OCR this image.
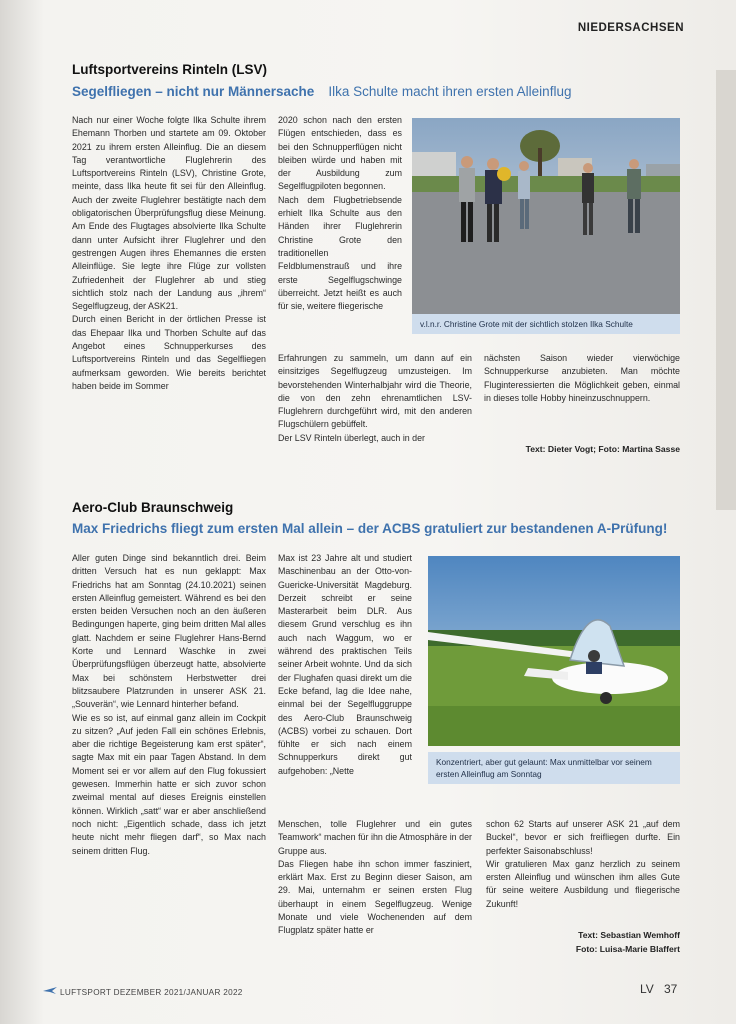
NIEDERSACHSEN
Luftsportvereins Rinteln (LSV)
Segelfliegen – nicht nur Männersache Ilka Schulte macht ihren ersten Alleinflug

Nach nur einer Woche folgte Ilka Schulte ihrem Ehemann Thorben und startete am 09. Oktober 2021 zu ihrem ersten Alleinflug. Die an diesem Tag verantwortliche Fluglehrerin des Luftsportvereins Rinteln (LSV), Christine Grote, meinte, dass Ilka heute fit sei für den Alleinflug. Auch der zweite Fluglehrer bestätigte nach dem obligatorischen Überprüfungsflug diese Meinung. Am Ende des Flugtages absolvierte Ilka Schulte dann unter Aufsicht ihrer Fluglehrer und den gestrengen Augen ihres Ehemannes die ersten Alleinflüge. Sie legte ihre Flüge zur vollsten Zufriedenheit der Fluglehrer ab und stieg sichtlich stolz nach der Landung aus „ihrem“ Segelflugzeug, der ASK21.

Durch einen Bericht in der örtlichen Presse ist das Ehepaar Ilka und Thorben Schulte auf das Angebot eines Schnupperkurses des Luftsportvereins Rinteln und das Segelfliegen aufmerksam geworden. Wie bereits berichtet haben beide im Sommer

2020 schon nach den ersten Flügen entschieden, dass es bei den Schnupperflügen nicht bleiben würde und haben mit der Ausbildung zum Segelflugpiloten begonnen.

Nach dem Flugbetriebsende erhielt Ilka Schulte aus den Händen ihrer Fluglehrerin Christine Grote den traditionellen Feldblumenstrauß und ihre erste Segelflugschwinge überreicht. Jetzt heißt es auch für sie, weitere fliegerische

Erfahrungen zu sammeln, um dann auf ein einsitziges Segelflugzeug umzusteigen. Im bevorstehenden Winterhalbjahr wird die Theorie, die von den zehn ehrenamtlichen LSV-Fluglehrern durchgeführt wird, mit den anderen Flugschülern gebüffelt.

Der LSV Rinteln überlegt, auch in der

v.l.n.r. Christine Grote mit der sichtlich stolzen Ilka Schulte

nächsten Saison wieder vierwöchige Schnupperkurse anzubieten. Man möchte Fluginteressierten die Möglichkeit geben, einmal in dieses tolle Hobby hineinzuschnuppern.

Text: Dieter Vogt; Foto: Martina Sasse
Aero-Club Braunschweig
Max Friedrichs fliegt zum ersten Mal allein – der ACBS gratuliert zur bestandenen A-Prüfung!

Aller guten Dinge sind bekanntlich drei. Beim dritten Versuch hat es nun geklappt: Max Friedrichs hat am Sonntag (24.10.2021) seinen ersten Alleinflug gemeistert. Während es bei den ersten beiden Versuchen noch an den äußeren Bedingungen haperte, ging beim dritten Mal alles glatt. Nachdem er seine Fluglehrer Hans-Bernd Korte und Lennard Waschke in zwei Überprüfungsflügen überzeugt hatte, absolvierte Max bei schönstem Herbstwetter drei blitzsaubere Platzrunden in unserer ASK 21. „Souverän“, wie Lennard hinterher befand.

Wie es so ist, auf einmal ganz allein im Cockpit zu sitzen? „Auf jeden Fall ein schönes Erlebnis, aber die richtige Begeisterung kam erst später“, sagte Max mit ein paar Tagen Abstand. In dem Moment sei er vor allem auf den Flug fokussiert gewesen. Immerhin hatte er sich zuvor schon zweimal mental auf dieses Ereignis einstellen können. Wirklich „satt“ war er aber anschließend noch nicht: „Eigentlich schade, dass ich jetzt heute nicht mehr fliegen darf“, so Max nach seinem dritten Flug.

Max ist 23 Jahre alt und studiert Maschinenbau an der Otto-von-Guericke-Universität Magdeburg. Derzeit schreibt er seine Masterarbeit beim DLR. Aus diesem Grund verschlug es ihn auch nach Waggum, wo er während des praktischen Teils seiner Arbeit wohnte. Und da sich der Flughafen quasi direkt um die Ecke befand, lag die Idee nahe, einmal bei der Segelfluggruppe des Aero-Club Braunschweig (ACBS) vorbei zu schauen. Dort fühlte er sich nach einem Schnupperkurs direkt gut aufgehoben: „Nette

Menschen, tolle Fluglehrer und ein gutes Teamwork“ machen für ihn die Atmosphäre in der Gruppe aus.

Das Fliegen habe ihn schon immer fasziniert, erklärt Max. Erst zu Beginn dieser Saison, am 29. Mai, unternahm er seinen ersten Flug überhaupt in einem Segelflugzeug. Wenige Monate und viele Wochenenden auf dem Flugplatz später hatte er

Konzentriert, aber gut gelaunt: Max unmittelbar vor seinem ersten Alleinflug am Sonntag

schon 62 Starts auf unserer ASK 21 „auf dem Buckel“, bevor er sich freifliegen durfte. Ein perfekter Saisonabschluss!

Wir gratulieren Max ganz herzlich zu seinem ersten Alleinflug und wünschen ihm alles Gute für seine weitere Ausbildung und fliegerische Zukunft!

Text: Sebastian Wemhoff
Foto: Luisa-Marie Blaffert
LUFTSPORT DEZEMBER 2021/JANUAR 2022	LV 37
